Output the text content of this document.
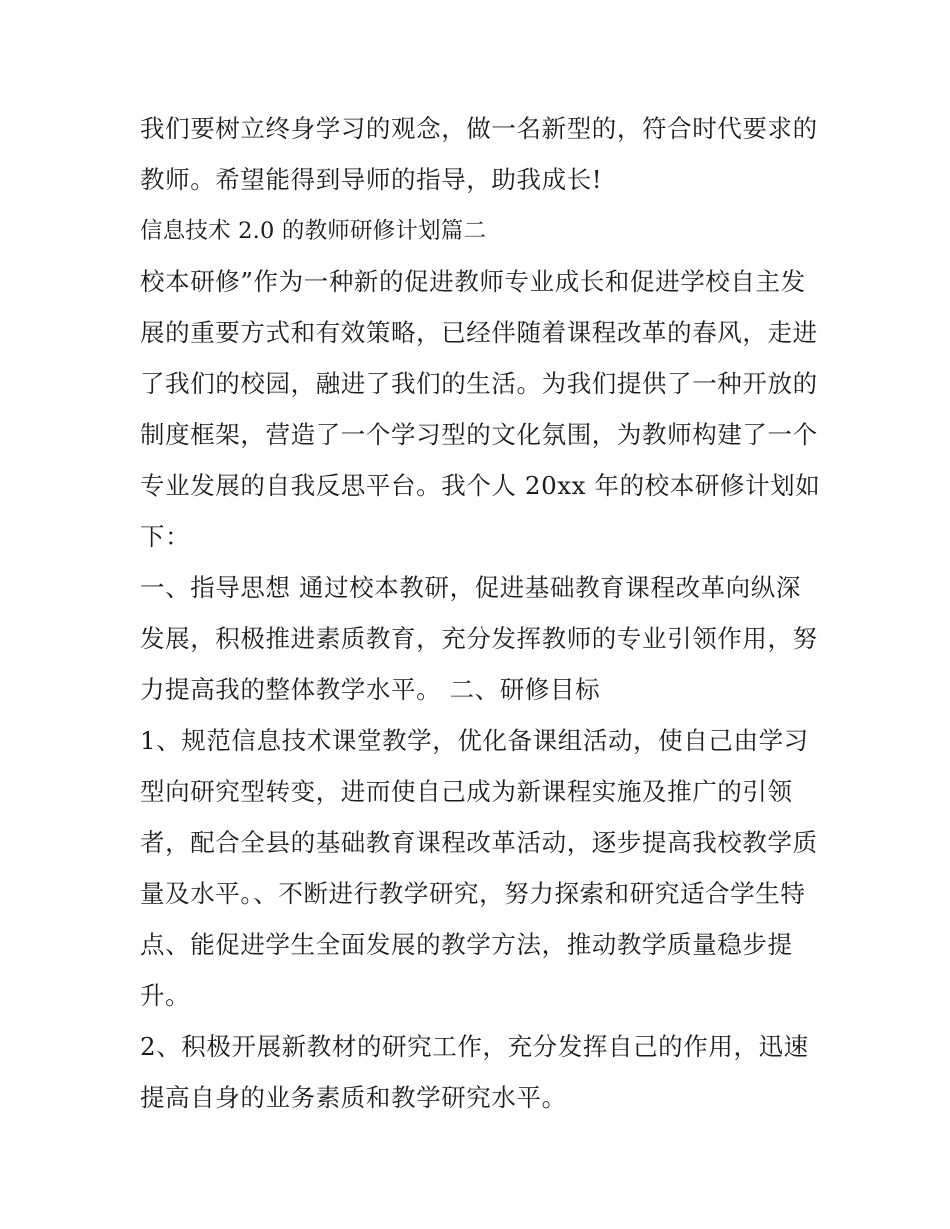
我们要树立终身学习的观念，做一名新型的，符合时代要求的
教师。希望能得到导师的指导，助我成长!
信息技术 2.0 的教师研修计划篇二
校本研修”作为一种新的促进教师专业成长和促进学校自主发
展的重要方式和有效策略，已经伴随着课程改革的春风，走进
了我们的校园，融进了我们的生活。为我们提供了一种开放的
制度框架，营造了一个学习型的文化氛围，为教师构建了一个
专业发展的自我反思平台。我个人 20xx 年的校本研修计划如
下：
一、指导思想 通过校本教研，促进基础教育课程改革向纵深
发展，积极推进素质教育，充分发挥教师的专业引领作用，努
力提高我的整体教学水平。 二、研修目标
1、规范信息技术课堂教学，优化备课组活动，使自己由学习
型向研究型转变，进而使自己成为新课程实施及推广的引领
者，配合全县的基础教育课程改革活动，逐步提高我校教学质
量及水平。、不断进行教学研究，努力探索和研究适合学生特
点、能促进学生全面发展的教学方法，推动教学质量稳步提
升。
2、积极开展新教材的研究工作，充分发挥自己的作用，迅速
提高自身的业务素质和教学研究水平。
